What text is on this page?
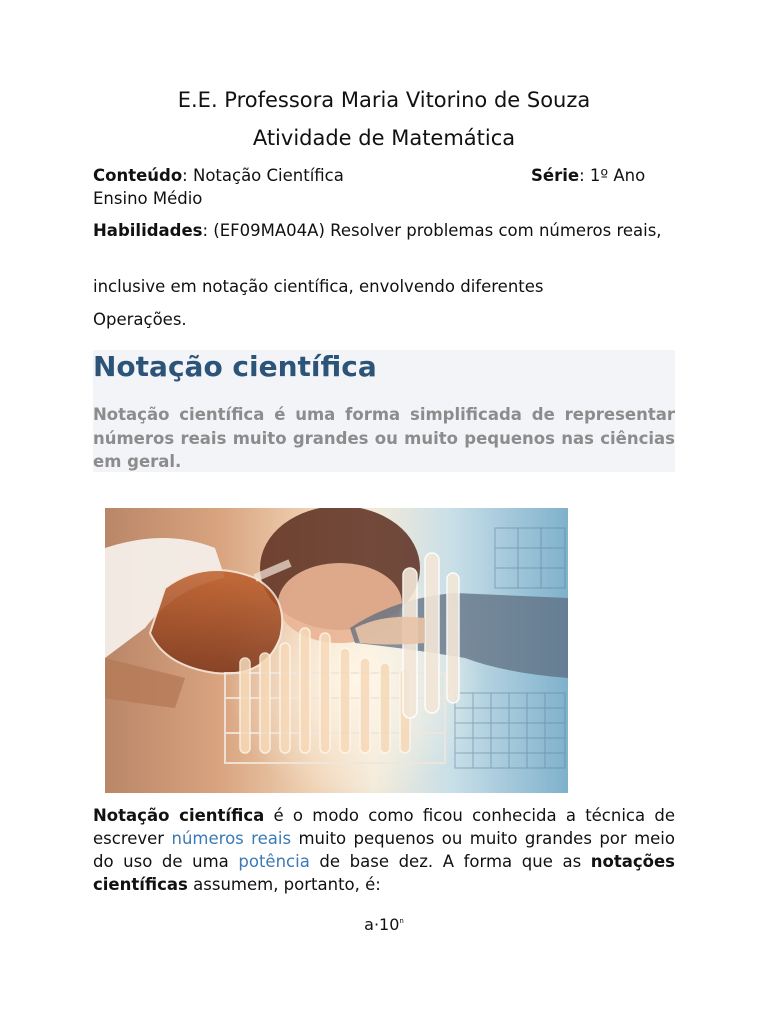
E.E. Professora Maria Vitorino de Souza
Atividade de Matemática
Conteúdo: Notação Científica	Série: 1º Ano
Ensino Médio
Habilidades: (EF09MA04A) Resolver problemas com números reais,
inclusive em notação científica, envolvendo diferentes
Operações.
Notação científica
Notação científica é uma forma simplificada de representar números reais muito grandes ou muito pequenos nas ciências em geral.
Notação científica é o modo como ficou conhecida a técnica de escrever números reais muito pequenos ou muito grandes por meio do uso de uma potência de base dez. A forma que as notações científicas assumem, portanto, é:
$a\cdot 10^n$
